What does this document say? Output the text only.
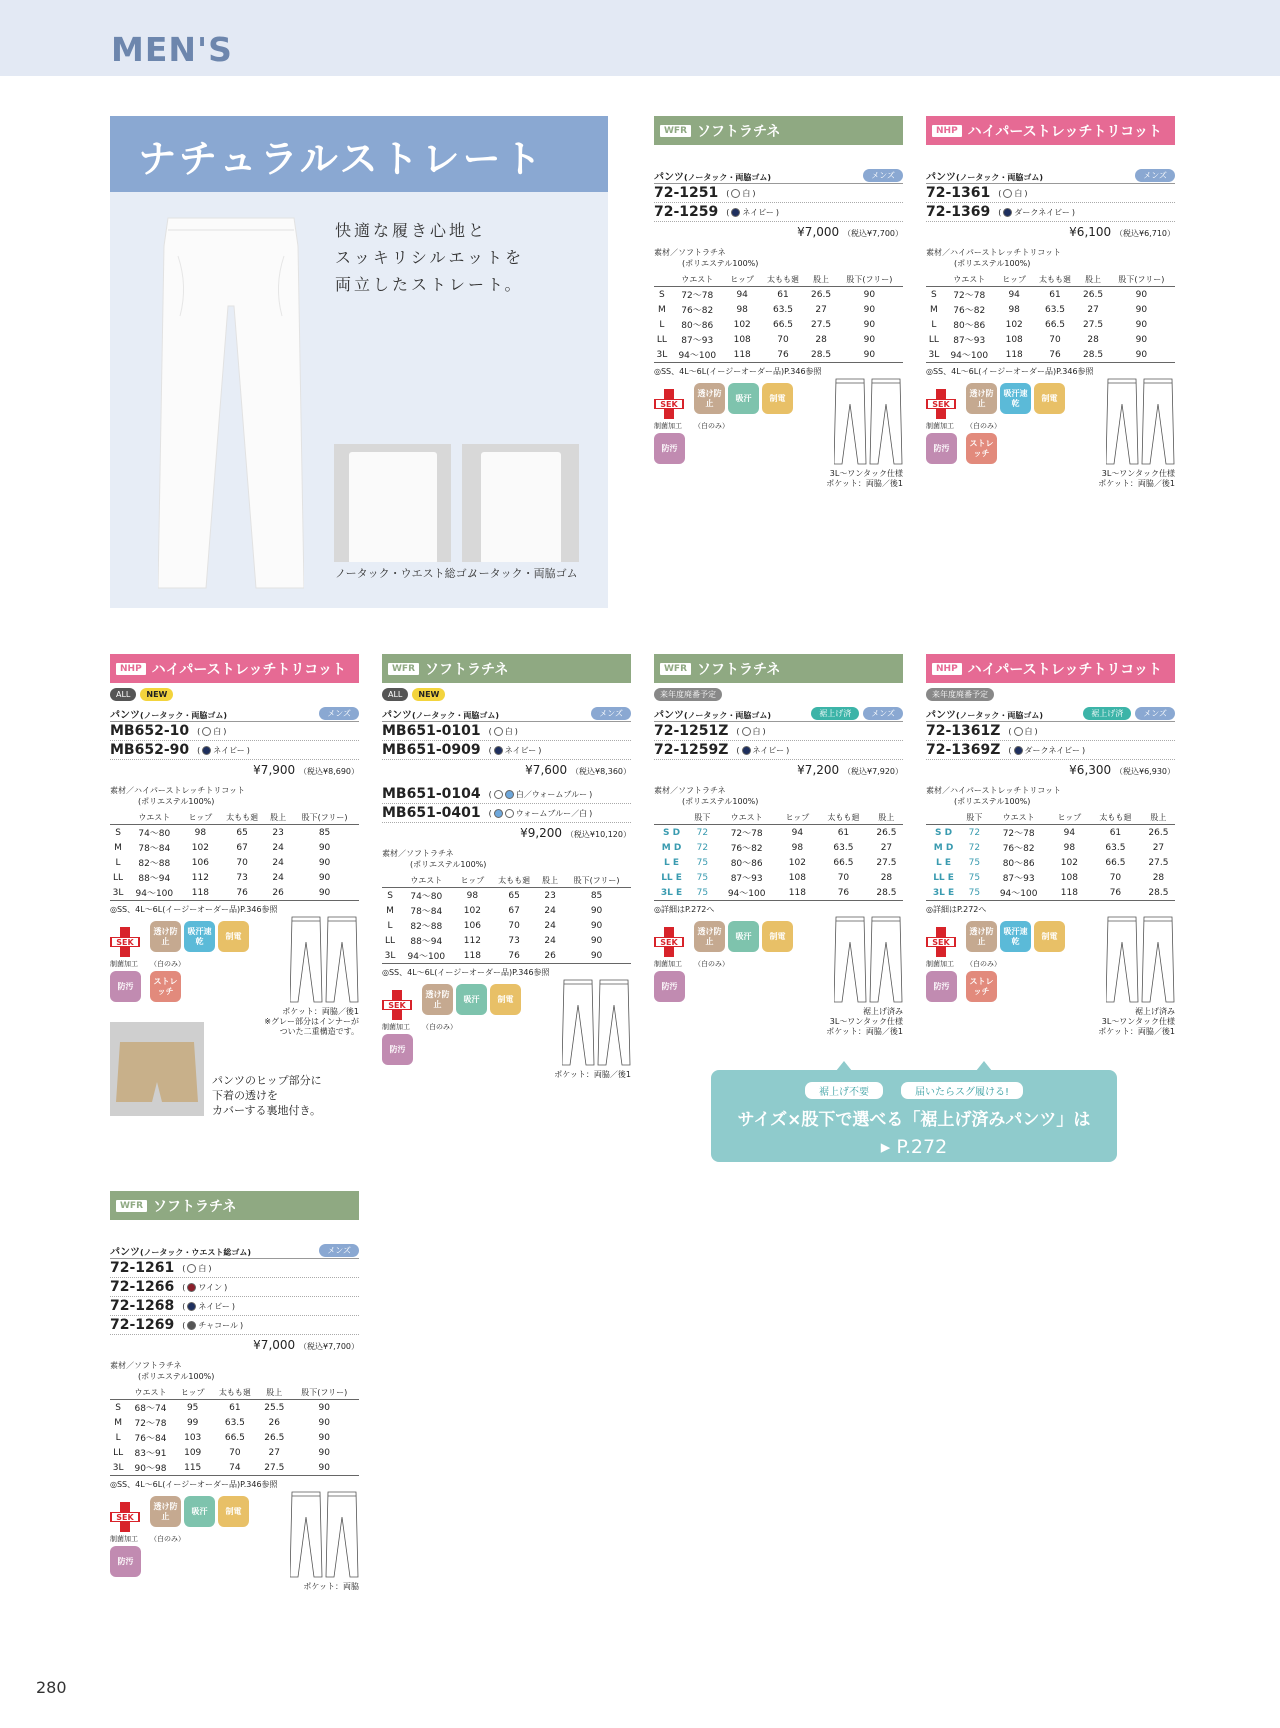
MEN'S
ナチュラルストレート
快適な履き心地と
スッキリシルエットを
両立したストレート。
ノータック・ウエスト総ゴム
ノータック・両脇ゴム
WFR ソフトラチネ
パンツ(ノータック・両脇ゴム)	メンズ
72-1251 ( 白 )
72-1259 ( ネイビー )
¥7,000 （税込¥7,700）
素材／ソフトラチネ
(ポリエステル100%)
	ウエスト	ヒップ	太もも廻	股上	股下(フリー)
S	72～78	94	61	26.5	90
M	76～82	98	63.5	27	90
L	80～86	102	66.5	27.5	90
LL	87～93	108	70	28	90
3L	94～100	118	76	28.5	90
◎SS、4L～6L(イージーオーダー品)P.346参照
SEK
制菌加工 （白のみ）
透け防止
吸汗	制電
防汚
3L～ワンタック仕様
ポケット：両脇／後1
NHP ハイパーストレッチトリコット
パンツ(ノータック・両脇ゴム)	メンズ
72-1361 ( 白 )
72-1369 ( ダークネイビー )
¥6,100 （税込¥6,710）
素材／ハイパーストレッチトリコット
(ポリエステル100%)
	ウエスト	ヒップ	太もも廻	股上	股下(フリー)
S	72～78	94	61	26.5	90
M	76～82	98	63.5	27	90
L	80～86	102	66.5	27.5	90
LL	87～93	108	70	28	90
3L	94～100	118	76	28.5	90
◎SS、4L～6L(イージーオーダー品)P.346参照
SEK
制菌加工 （白のみ）
透け防止
吸汗速乾
制電
防汚
ストレッチ
3L～ワンタック仕様
ポケット：両脇／後1
NHP ハイパーストレッチトリコット
ALL	NEW
パンツ(ノータック・両脇ゴム)	メンズ
MB652-10 ( 白 )
MB652-90 ( ネイビー )
¥7,900 （税込¥8,690）
素材／ハイパーストレッチトリコット
(ポリエステル100%)
	ウエスト	ヒップ	太もも廻	股上	股下(フリー)
S	74～80	98	65	23	85
M	78～84	102	67	24	90
L	82～88	106	70	24	90
LL	88～94	112	73	24	90
3L	94～100	118	76	26	90
◎SS、4L～6L(イージーオーダー品)P.346参照
SEK
制菌加工 （白のみ）
透け防止
吸汗速乾
制電
防汚
ストレッチ
ポケット：両脇／後1
※グレー部分はインナーが
ついた二重構造です。
WFR ソフトラチネ
ALL	NEW
パンツ(ノータック・両脇ゴム)	メンズ
MB651-0101 ( 白 )
MB651-0909 ( ネイビー )
¥7,600 （税込¥8,360）
MB651-0104 (	白／ウォームブルー )
MB651-0401 (	ウォームブルー／白 )
¥9,200 （税込¥10,120）
素材／ソフトラチネ
(ポリエステル100%)
	ウエスト	ヒップ	太もも廻	股上	股下(フリー)
S	74～80	98	65	23	85
M	78～84	102	67	24	90
L	82～88	106	70	24	90
LL	88～94	112	73	24	90
3L	94～100	118	76	26	90
◎SS、4L～6L(イージーオーダー品)P.346参照
SEK
制菌加工 （白のみ）
透け防止
吸汗	制電
防汚
ポケット：両脇／後1
WFR ソフトラチネ
来年度廃番予定
パンツ(ノータック・両脇ゴム)	裾上げ済	メンズ
72-1251Z ( 白 )
72-1259Z ( ネイビー )
¥7,200 （税込¥7,920）
素材／ソフトラチネ
(ポリエステル100%)
	股下	ウエスト	ヒップ	太もも廻	股上
S D	72	72～78	94	61	26.5
M D	72	76～82	98	63.5	27
L E	75	80～86	102	66.5	27.5
LL E	75	87～93	108	70	28
3L E	75	94～100	118	76	28.5
◎詳細はP.272へ
SEK
制菌加工 （白のみ）
透け防止
吸汗	制電
防汚
裾上げ済み
3L～ワンタック仕様
ポケット：両脇／後1
NHP ハイパーストレッチトリコット
来年度廃番予定
パンツ(ノータック・両脇ゴム)	裾上げ済	メンズ
72-1361Z ( 白 )
72-1369Z ( ダークネイビー )
¥6,300 （税込¥6,930）
素材／ハイパーストレッチトリコット
(ポリエステル100%)
	股下	ウエスト	ヒップ	太もも廻	股上
S D	72	72～78	94	61	26.5
M D	72	76～82	98	63.5	27
L E	75	80～86	102	66.5	27.5
LL E	75	87～93	108	70	28
3L E	75	94～100	118	76	28.5
◎詳細はP.272へ
SEK
制菌加工 （白のみ）
透け防止
吸汗速乾
制電
防汚
ストレッチ
裾上げ済み
3L～ワンタック仕様
ポケット：両脇／後1
WFR ソフトラチネ
パンツ(ノータック・ウエスト総ゴム)	メンズ
72-1261 ( 白 )
72-1266 ( ワイン )
72-1268 ( ネイビー )
72-1269 ( チャコール )
¥7,000 （税込¥7,700）
素材／ソフトラチネ
(ポリエステル100%)
	ウエスト	ヒップ	太もも廻	股上	股下(フリー)
S	68～74	95	61	25.5	90
M	72～78	99	63.5	26	90
L	76～84	103	66.5	26.5	90
LL	83～91	109	70	27	90
3L	90～98	115	74	27.5	90
◎SS、4L～6L(イージーオーダー品)P.346参照
SEK
制菌加工 （白のみ）
透け防止
吸汗	制電
防汚
ポケット：両脇
パンツのヒップ部分に
下着の透けを
カバーする裏地付き。
裾上げ不要	届いたらスグ履ける!
サイズ×股下で選べる「裾上げ済みパンツ」は
▸ P.272
280
